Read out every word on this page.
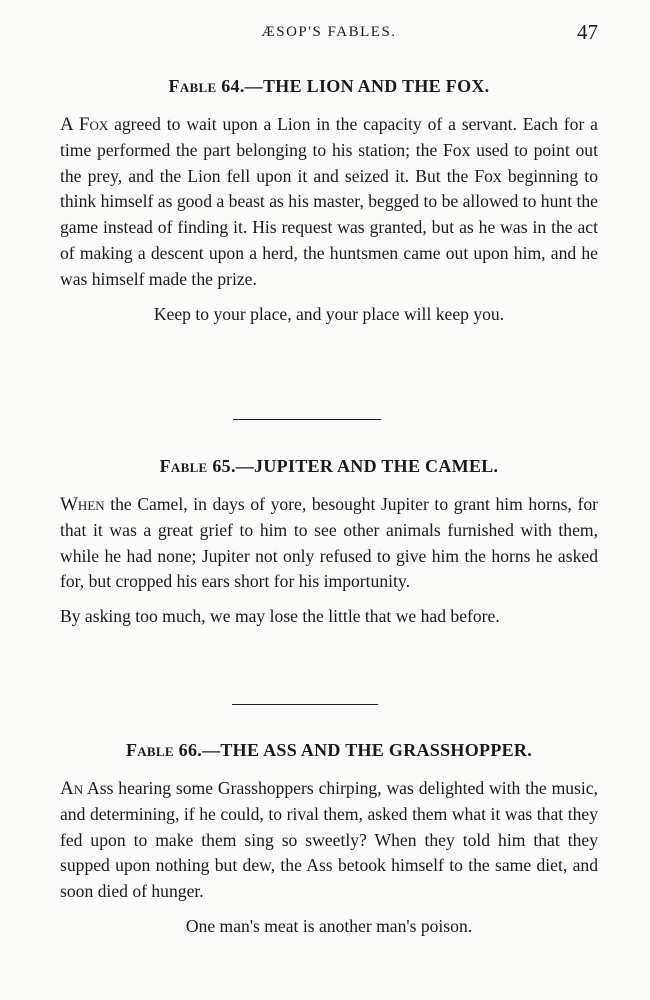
ÆSOP'S FABLES.	47
Fable 64.—THE LION AND THE FOX.

A Fox agreed to wait upon a Lion in the capacity of a servant. Each for a time performed the part belonging to his station; the Fox used to point out the prey, and the Lion fell upon it and seized it. But the Fox beginning to think himself as good a beast as his master, begged to be allowed to hunt the game instead of finding it. His request was granted, but as he was in the act of making a descent upon a herd, the huntsmen came out upon him, and he was himself made the prize.

Keep to your place, and your place will keep you.

Fable 65.—JUPITER AND THE CAMEL.

When the Camel, in days of yore, besought Jupiter to grant him horns, for that it was a great grief to him to see other animals furnished with them, while he had none; Jupiter not only refused to give him the horns he asked for, but cropped his ears short for his importunity.

By asking too much, we may lose the little that we had before.

Fable 66.—THE ASS AND THE GRASSHOPPER.

An Ass hearing some Grasshoppers chirping, was delighted with the music, and determining, if he could, to rival them, asked them what it was that they fed upon to make them sing so sweetly? When they told him that they supped upon nothing but dew, the Ass betook himself to the same diet, and soon died of hunger.

One man's meat is another man's poison.
